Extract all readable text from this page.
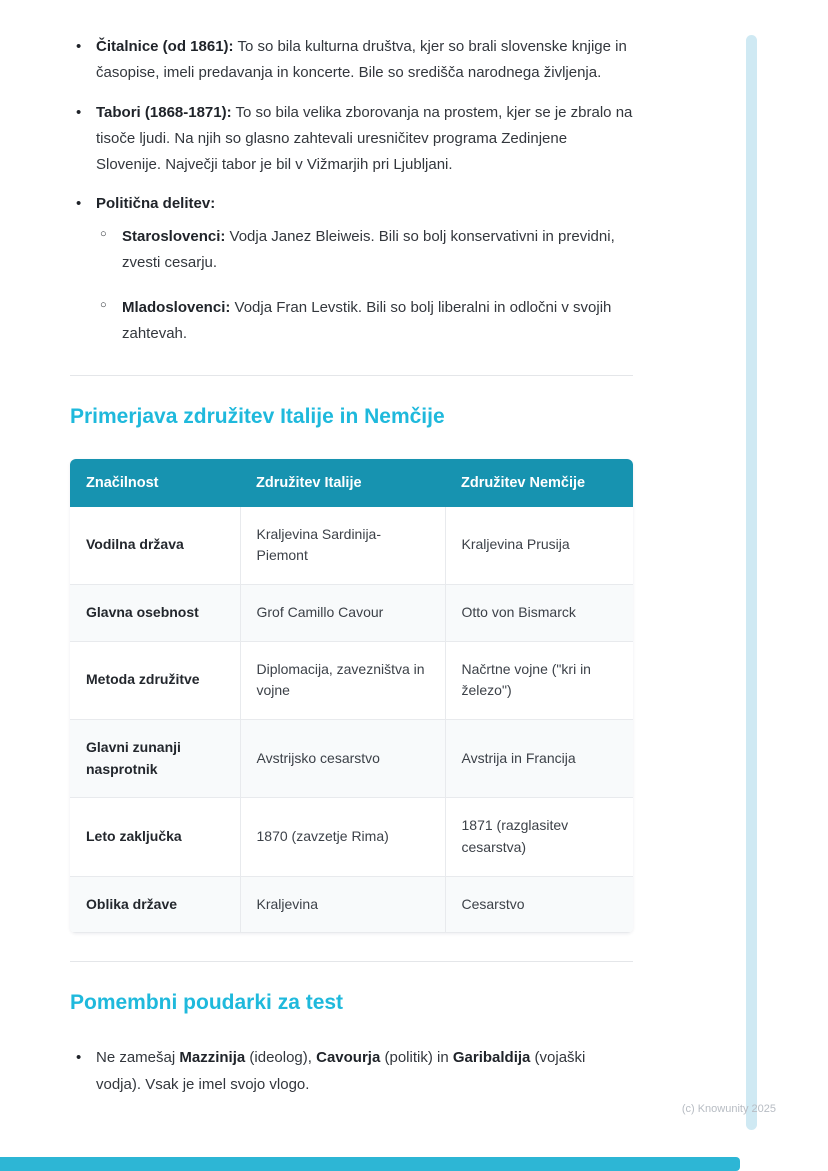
• Čitalnice (od 1861): To so bila kulturna društva, kjer so brali slovenske knjige in časopise, imeli predavanja in koncerte. Bile so središča narodnega življenja.
• Tabori (1868-1871): To so bila velika zborovanja na prostem, kjer se je zbralo na tisoče ljudi. Na njih so glasno zahtevali uresničitev programa Zedinjene Slovenije. Največji tabor je bil v Vižmarjih pri Ljubljani.
• Politična delitev:
○ Staroslovenci: Vodja Janez Bleiweis. Bili so bolj konservativni in previdni, zvesti cesarju.
○ Mladoslovenci: Vodja Fran Levstik. Bili so bolj liberalni in odločni v svojih zahtevah.
Primerjava združitev Italije in Nemčije
Značilnost	Združitev Italije	Združitev Nemčije
Vodilna država	Kraljevina Sardinija-Piemont	Kraljevina Prusija
Glavna osebnost	Grof Camillo Cavour	Otto von Bismarck
Metoda združitve	Diplomacija, zavezništva in vojne	Načrtne vojne ("kri in železo")
Glavni zunanji nasprotnik	Avstrijsko cesarstvo	Avstrija in Francija
Leto zaključka	1870 (zavzetje Rima)	1871 (razglasitev cesarstva)
Oblika države	Kraljevina	Cesarstvo
Pomembni poudarki za test
• Ne zamešaj Mazzinija (ideolog), Cavourja (politik) in Garibaldija (vojaški vodja). Vsak je imel svojo vlogo.
(c) Knowunity 2025
